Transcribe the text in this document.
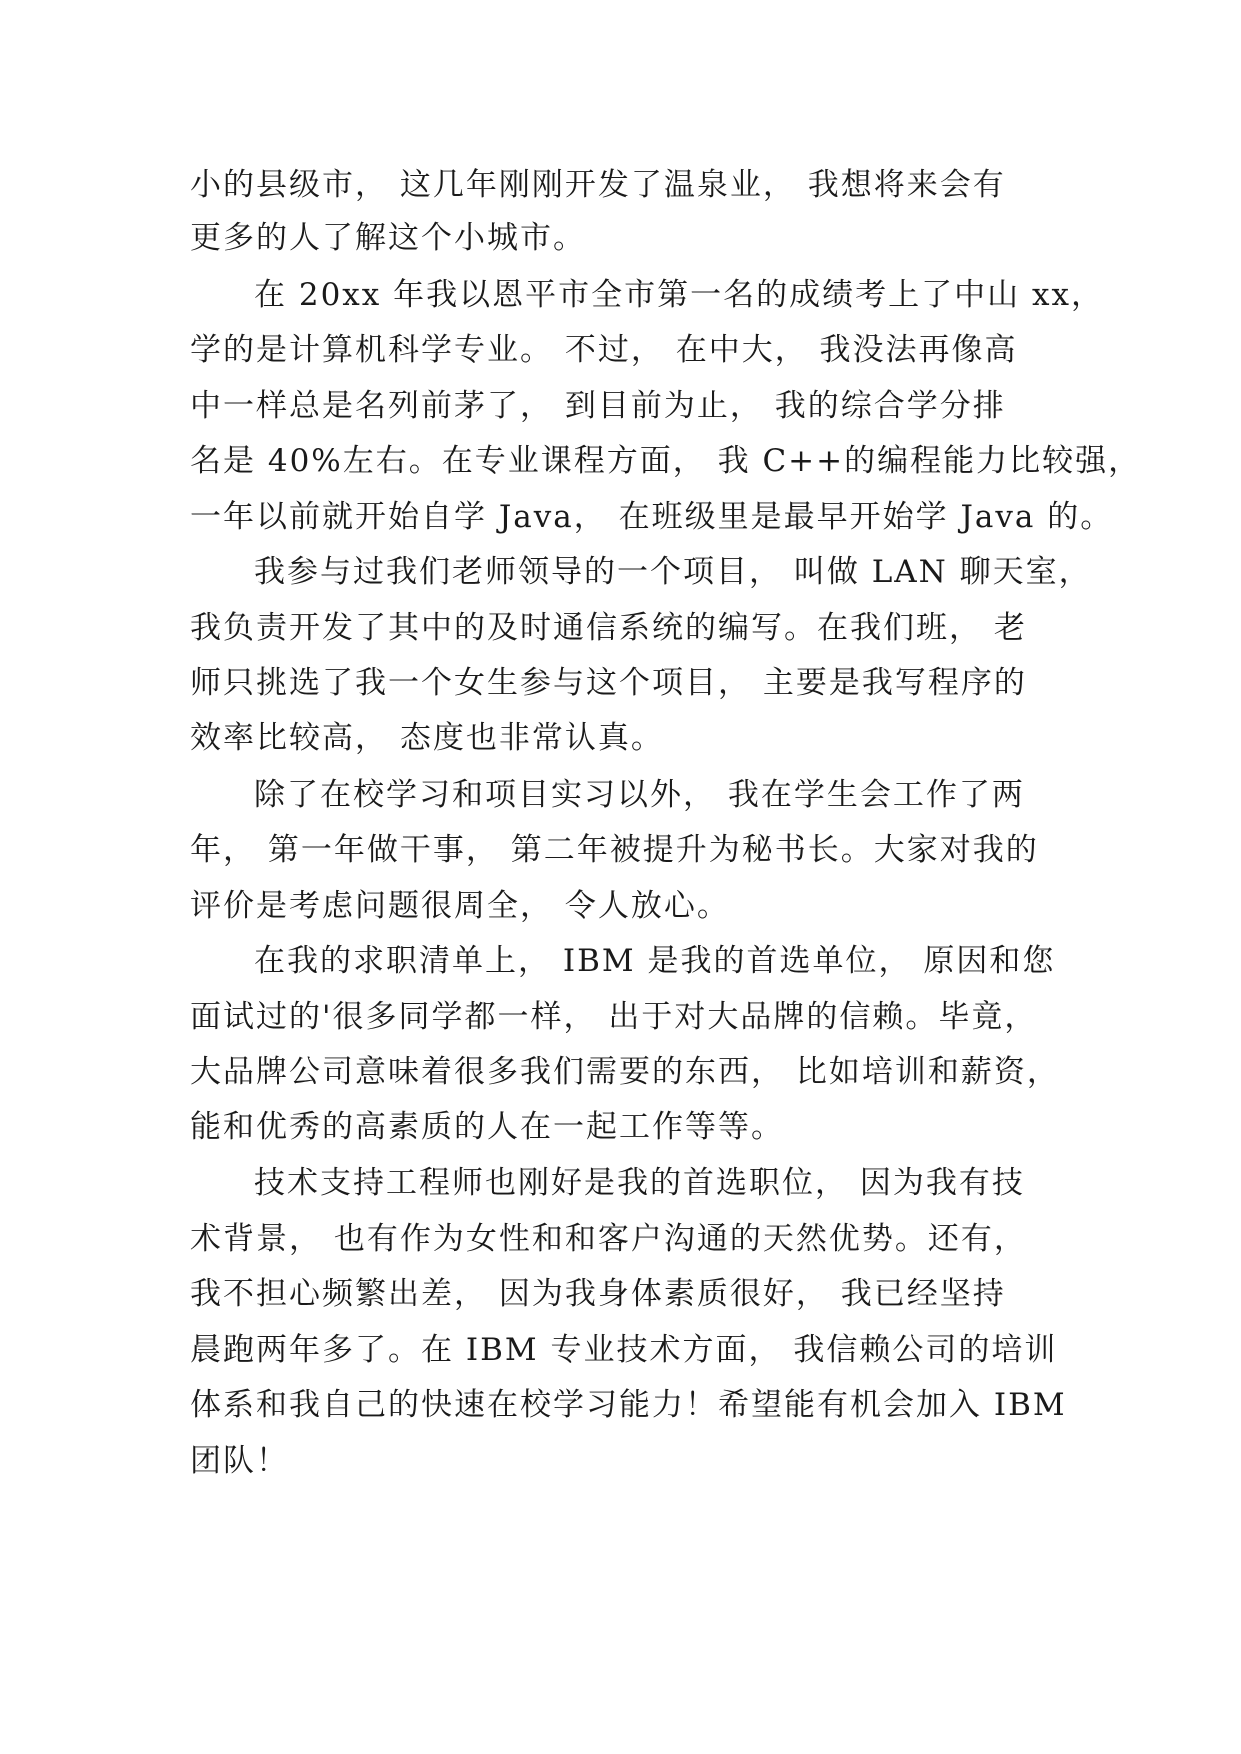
小的县级市， 这几年刚刚开发了温泉业， 我想将来会有
更多的人了解这个小城市。
在 20xx 年我以恩平市全市第一名的成绩考上了中山 xx，
学的是计算机科学专业。 不过， 在中大， 我没法再像高
中一样总是名列前茅了， 到目前为止， 我的综合学分排
名是 40%左右。在专业课程方面， 我 C++的编程能力比较强，
一年以前就开始自学 Java， 在班级里是最早开始学 Java 的。
我参与过我们老师领导的一个项目， 叫做 LAN 聊天室，
我负责开发了其中的及时通信系统的编写。在我们班， 老
师只挑选了我一个女生参与这个项目， 主要是我写程序的
效率比较高， 态度也非常认真。
除了在校学习和项目实习以外， 我在学生会工作了两
年， 第一年做干事， 第二年被提升为秘书长。大家对我的
评价是考虑问题很周全， 令人放心。
在我的求职清单上， IBM 是我的首选单位， 原因和您
面试过的'很多同学都一样， 出于对大品牌的信赖。毕竟，
大品牌公司意味着很多我们需要的东西， 比如培训和薪资，
能和优秀的高素质的人在一起工作等等。
技术支持工程师也刚好是我的首选职位， 因为我有技
术背景， 也有作为女性和和客户沟通的天然优势。还有，
我不担心频繁出差， 因为我身体素质很好， 我已经坚持
晨跑两年多了。在 IBM 专业技术方面， 我信赖公司的培训
体系和我自己的快速在校学习能力！希望能有机会加入 IBM
团队！
